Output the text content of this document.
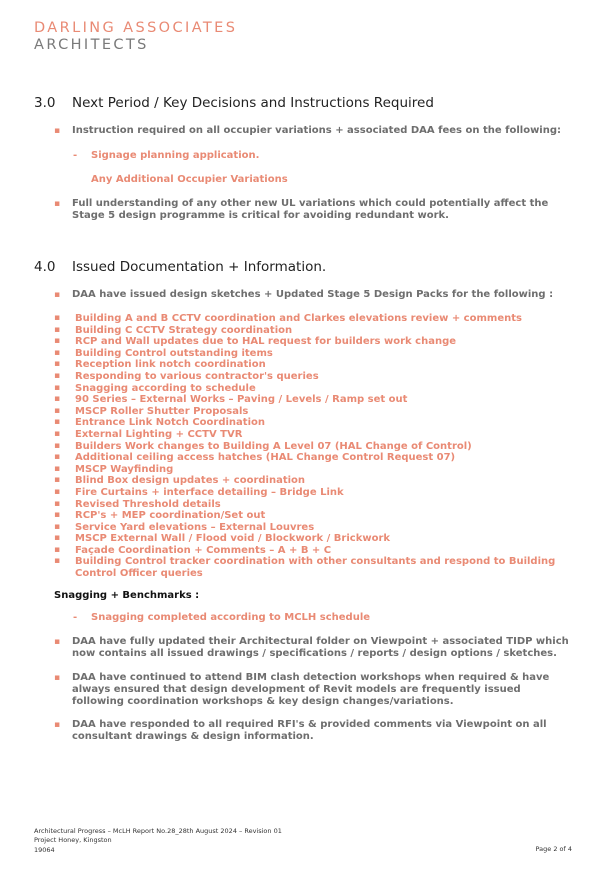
DARLING ASSOCIATES
ARCHITECTS
3.0 Next Period / Key Decisions and Instructions Required
▪ Instruction required on all occupier variations + associated DAA fees on the following:
- Signage planning application.
Any Additional Occupier Variations
▪ Full understanding of any other new UL variations which could potentially affect the Stage 5 design programme is critical for avoiding redundant work.
4.0 Issued Documentation + Information.
▪ DAA have issued design sketches + Updated Stage 5 Design Packs for the following :
▪ Building A and B CCTV coordination and Clarkes elevations review + comments
▪ Building C CCTV Strategy coordination
▪ RCP and Wall updates due to HAL request for builders work change
▪ Building Control outstanding items
▪ Reception link notch coordination
▪ Responding to various contractor's queries
▪ Snagging according to schedule
▪ 90 Series – External Works – Paving / Levels / Ramp set out
▪ MSCP Roller Shutter Proposals
▪ Entrance Link Notch Coordination
▪ External Lighting + CCTV TVR
▪ Builders Work changes to Building A Level 07 (HAL Change of Control)
▪ Additional ceiling access hatches (HAL Change Control Request 07)
▪ MSCP Wayfinding
▪ Blind Box design updates + coordination
▪ Fire Curtains + interface detailing – Bridge Link
▪ Revised Threshold details
▪ RCP's + MEP coordination/Set out
▪ Service Yard elevations – External Louvres
▪ MSCP External Wall / Flood void / Blockwork / Brickwork
▪ Façade Coordination + Comments – A + B + C
▪ Building Control tracker coordination with other consultants and respond to Building Control Officer queries
Snagging + Benchmarks :
- Snagging completed according to MCLH schedule
▪ DAA have fully updated their Architectural folder on Viewpoint + associated TIDP which now contains all issued drawings / specifications / reports / design options / sketches.
▪ DAA have continued to attend BIM clash detection workshops when required & have always ensured that design development of Revit models are frequently issued following coordination workshops & key design changes/variations.
▪ DAA have responded to all required RFI's & provided comments via Viewpoint on all consultant drawings & design information.
Architectural Progress – McLH Report No.28_28th August 2024 – Revision 01
Project Honey, Kingston
19064	Page 2 of 4
